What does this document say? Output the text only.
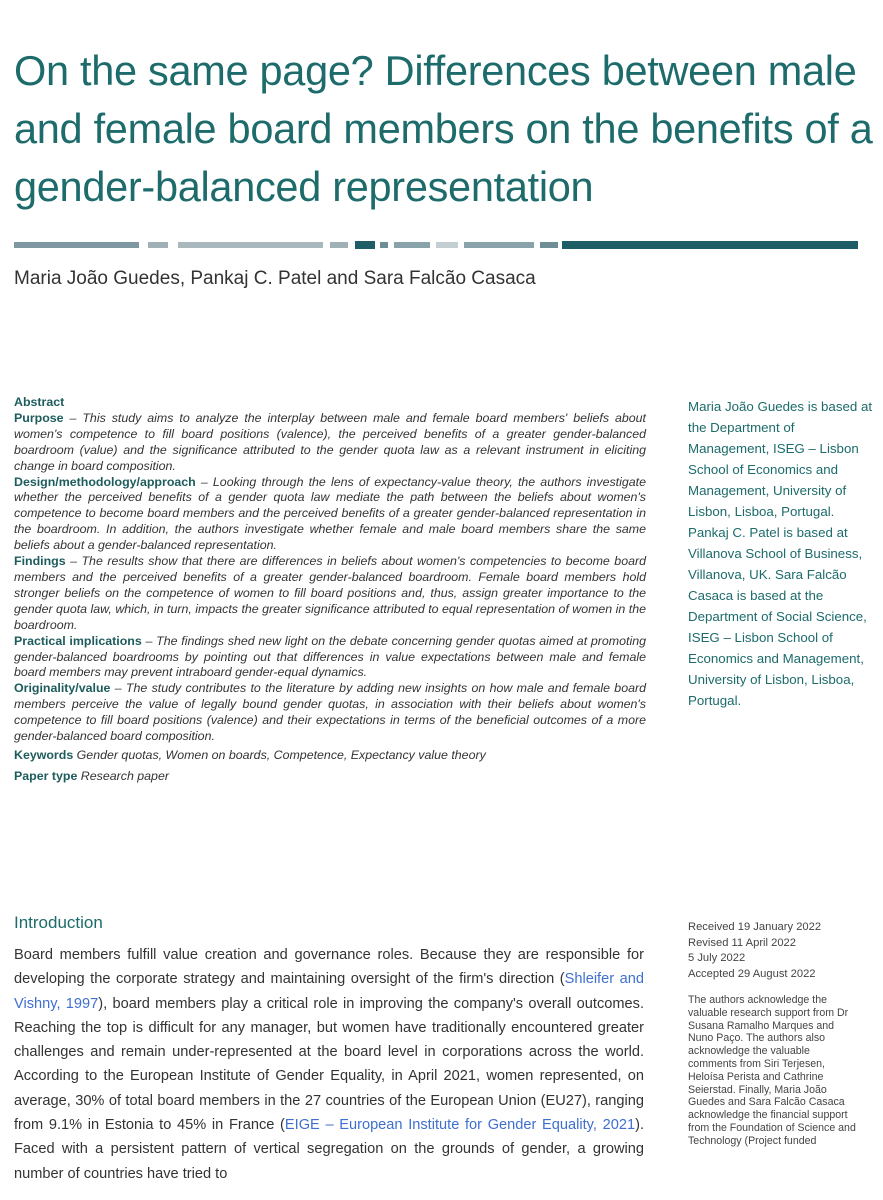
On the same page? Differences between male and female board members on the benefits of a gender-balanced representation
Maria João Guedes, Pankaj C. Patel and Sara Falcão Casaca

Abstract

Purpose – This study aims to analyze the interplay between male and female board members' beliefs about women's competence to fill board positions (valence), the perceived benefits of a greater gender-balanced boardroom (value) and the significance attributed to the gender quota law as a relevant instrument in eliciting change in board composition.

Design/methodology/approach – Looking through the lens of expectancy-value theory, the authors investigate whether the perceived benefits of a gender quota law mediate the path between the beliefs about women's competence to become board members and the perceived benefits of a greater gender-balanced representation in the boardroom. In addition, the authors investigate whether female and male board members share the same beliefs about a gender-balanced representation.

Findings – The results show that there are differences in beliefs about women's competencies to become board members and the perceived benefits of a greater gender-balanced boardroom. Female board members hold stronger beliefs on the competence of women to fill board positions and, thus, assign greater importance to the gender quota law, which, in turn, impacts the greater significance attributed to equal representation of women in the boardroom.

Practical implications – The findings shed new light on the debate concerning gender quotas aimed at promoting gender-balanced boardrooms by pointing out that differences in value expectations between male and female board members may prevent intraboard gender-equal dynamics.

Originality/value – The study contributes to the literature by adding new insights on how male and female board members perceive the value of legally bound gender quotas, in association with their beliefs about women's competence to fill board positions (valence) and their expectations in terms of the beneficial outcomes of a more gender-balanced board composition.

Keywords Gender quotas, Women on boards, Competence, Expectancy value theory

Paper type Research paper

Maria João Guedes is based at the Department of Management, ISEG – Lisbon School of Economics and Management, University of Lisbon, Lisboa, Portugal. Pankaj C. Patel is based at Villanova School of Business, Villanova, UK. Sara Falcão Casaca is based at the Department of Social Science, ISEG – Lisbon School of Economics and Management, University of Lisbon, Lisboa, Portugal.
Introduction
Board members fulfill value creation and governance roles. Because they are responsible for developing the corporate strategy and maintaining oversight of the firm's direction (Shleifer and Vishny, 1997), board members play a critical role in improving the company's overall outcomes. Reaching the top is difficult for any manager, but women have traditionally encountered greater challenges and remain under-represented at the board level in corporations across the world. According to the European Institute of Gender Equality, in April 2021, women represented, on average, 30% of total board members in the 27 countries of the European Union (EU27), ranging from 9.1% in Estonia to 45% in France (EIGE – European Institute for Gender Equality, 2021). Faced with a persistent pattern of vertical segregation on the grounds of gender, a growing number of countries have tried to
Received 19 January 2022
Revised 11 April 2022
5 July 2022
Accepted 29 August 2022
The authors acknowledge the valuable research support from Dr Susana Ramalho Marques and Nuno Paço. The authors also acknowledge the valuable comments from Siri Terjesen, Heloísa Perista and Cathrine Seierstad. Finally, Maria João Guedes and Sara Falcão Casaca acknowledge the financial support from the Foundation of Science and Technology (Project funded
